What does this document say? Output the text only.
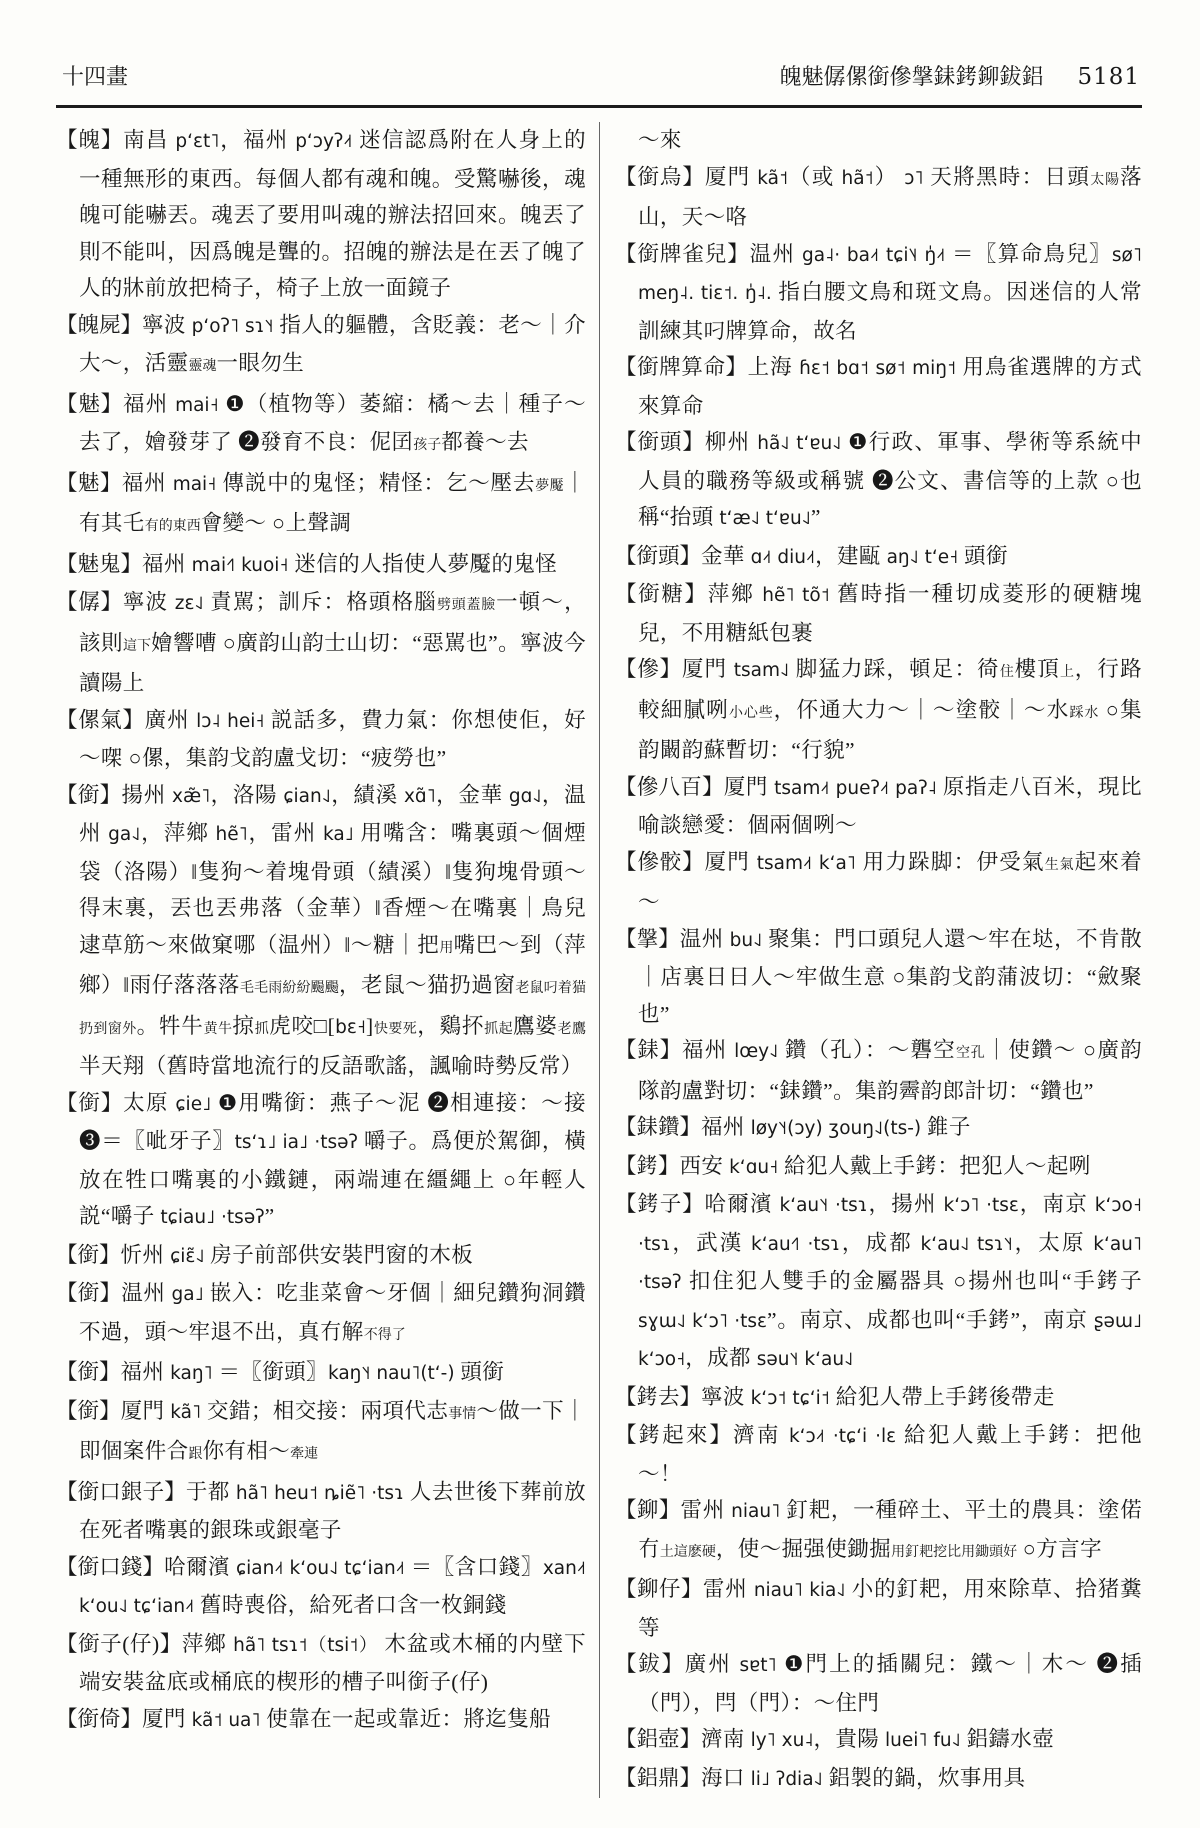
十四畫	魄魅僝傫銜傪搫銇銬鉚鈸鋁 5181

【魄】南昌 pʻɛt˥，福州 pʻɔyʔ˨˦ 迷信認爲附在人身上的一種無形的東西。每個人都有魂和魄。受驚嚇後，魂魄可能嚇丟。魂丟了要用叫魂的辦法招回來。魄丟了則不能叫，因爲魄是聾的。招魄的辦法是在丟了魄了人的牀前放把椅子，椅子上放一面鏡子

【魄屍】寧波 pʻoʔ˥ sɿ˥˧ 指人的軀體，含貶義：老～｜介大～，活靈靈魂一眼勿生

【魅】福州 mai˧ ❶（植物等）萎縮：橘～去｜種子～去了，嬒發芽了 ❷發育不良：伲囝孩子都養～去

【魅】福州 mai˧ 傳説中的鬼怪；精怪：乞～壓去夢魘｜有其乇有的東西會變～ ○上聲調

【魅鬼】福州 mai˧˥ kuoi˧ 迷信的人指使人夢魘的鬼怪

【僝】寧波 zɛ˨˩ 責駡；訓斥：格頭格腦劈頭蓋臉一頓～，該則這下嬒響嘈 ○廣韵山韵士山切：“惡駡也”。寧波今讀陽上

【傫氣】廣州 lɔ˨ hei˧ 説話多，費力氣：你想使佢，好～㗎 ○傫，集韵戈韵盧戈切：“疲勞也”

【銜】揚州 xæ̃˥，洛陽 ɕian˨˩，績溪 xɑ̃˥，金華 gɑ˨˩，温州 ga˨˩，萍鄉 hẽ˥，雷州 ka˩ 用嘴含：嘴裏頭～個煙袋（洛陽）‖隻狗～着塊骨頭（績溪）‖隻狗塊骨頭～得末裏，丟也丟弗落（金華）‖香煙～在嘴裏｜鳥兒逮草筋～來做窠哪（温州）‖～糖｜把用嘴巴～到（萍鄉）‖雨仔落落落毛毛雨紛紛颺颺，老鼠～猫扔過窗老鼠叼着猫扔到窗外。牪牛黄牛掠抓虎咬□[bɛ˧]快要死，鷄抔抓起鷹婆老鷹半天翔（舊時當地流行的反語歌謠，諷喻時勢反常）

【銜】太原 ɕie˩ ❶用嘴銜：燕子～泥 ❷相連接：～接 ❸＝〖呲牙子〗tsʻɿ˩ ia˩ ·tsəʔ 嚼子。爲便於駕御，橫放在牲口嘴裏的小鐵鏈，兩端連在繮繩上 ○年輕人説“嚼子 tɕiau˩ ·tsəʔ”

【銜】忻州 ɕiɛ̃˨˩ 房子前部供安裝門窗的木板

【銜】温州 ga˩ 嵌入：吃韭菜會～牙個｜細兒鑽狗洞鑽不過，頭～牢退不出，真冇解不得了

【銜】福州 kaŋ˥ ＝〖銜頭〗kaŋ˥˧ nau˥(tʻ-) 頭銜

【銜】厦門 kã˥ 交錯；相交接：兩項代志事情～做一下｜即個案件合跟你有相～牽連

【銜口銀子】于都 hã˥ heu˦ ȵiẽ˥ ·tsɿ 人去世後下葬前放在死者嘴裏的銀珠或銀毫子

【銜口錢】哈爾濱 ɕian˨˦ kʻou˨˩ tɕʻian˨˦ ＝〖含口錢〗xan˨˦ kʻou˨˩ tɕʻian˨˦ 舊時喪俗，給死者口含一枚銅錢

【銜子(仔)】萍鄉 hã˥ tsɿ˦（tsi˦） 木盆或木桶的内壁下端安裝盆底或桶底的楔形的槽子叫銜子(仔)

【銜倚】厦門 kã˦ ua˥ 使靠在一起或靠近：將迄隻船

～來

【銜烏】厦門 kã˦（或 hã˦） ɔ˥ 天將黑時：日頭太陽落山，天～咯

【銜牌雀兒】温州 ga˨· ba˨˦ tɕi˥˨ ŋ̍˨˦ ＝〖算命鳥兒〗sø˥ meŋ˨. tiɛ˦. ŋ̍˨. 指白腰文鳥和斑文鳥。因迷信的人常訓練其叼牌算命，故名

【銜牌算命】上海 ɦɛ˦ bɑ˦ sø˦ miŋ˦ 用鳥雀選牌的方式來算命

【銜頭】柳州 hã˨˩ tʻɐu˨˩ ❶行政、軍事、學術等系統中人員的職務等級或稱號 ❷公文、書信等的上款 ○也稱“抬頭 tʻæ˨˩ tʻɐu˨˩”

【銜頭】金華 ɑ˨˦ diu˨˦，建甌 aŋ˨˩ tʻe˧ 頭銜

【銜糖】萍鄉 hẽ˥ tõ˦ 舊時指一種切成菱形的硬糖塊兒，不用糖紙包裹

【傪】厦門 tsam˨˩ 脚猛力踩，頓足：徛住樓頂上，行路較細膩咧小心些，伓通大力～｜～塗骹｜～水踩水 ○集韵闞韵蘇暫切：“行貌”

【傪八百】厦門 tsam˨˦ pueʔ˨˦ paʔ˨ 原指走八百米，現比喻談戀愛：個兩個咧～

【傪骹】厦門 tsam˨˦ kʻa˥ 用力跺脚：伊受氣生氣起來着～

【搫】温州 bu˨˩ 聚集：門口頭兒人還～牢在垯，不肯散｜店裏日日人～牢做生意 ○集韵戈韵蒲波切：“斂聚也”

【銇】福州 lœy˨˩ 鑽（孔）：～礱空空孔｜使鑽～ ○廣韵隊韵盧對切：“銇鑽”。集韵霽韵郎計切：“鑽也”

【銇鑽】福州 løy˥˧(ɔy) ʒouŋ˨˩(ts-) 錐子

【銬】西安 kʻɑu˧ 給犯人戴上手銬：把犯人～起咧

【銬子】哈爾濱 kʻau˥˧ ·tsɿ，揚州 kʻɔ˥ ·tsɛ，南京 kʻɔo˧ ·tsɿ，武漢 kʻau˧˥ ·tsɿ，成都 kʻau˨˩ tsɿ˥˧，太原 kʻau˥ ·tsəʔ 扣住犯人雙手的金屬器具 ○揚州也叫“手銬子 sɣɯ˨˩ kʻɔ˥ ·tsɛ”。南京、成都也叫“手銬”，南京 ʂəɯ˩ kʻɔo˧，成都 səu˥˧ kʻau˨˩

【銬去】寧波 kʻɔ˦ tɕʻi˦ 給犯人帶上手銬後帶走

【銬起來】濟南 kʻɔ˨˦ ·tɕʻi ·lɛ 給犯人戴上手銬：把他～！

【鉚】雷州 niau˥ 釘耙，一種碎土、平土的農具：塗偌冇土這麽硬，使～掘强使鋤掘用釘耙挖比用鋤頭好 ○方言字

【鉚仔】雷州 niau˥ kia˨˩ 小的釘耙，用來除草、拾猪糞等

【鈸】廣州 sɐt˥ ❶門上的插關兒：鐵～｜木～ ❷插（門），閂（門）：～住門

【鋁壺】濟南 ly˥ xu˨，貴陽 luei˥ fu˨˩ 鋁鑄水壺

【鋁鼎】海口 li˩ ʔdia˨˩ 鋁製的鍋，炊事用具
